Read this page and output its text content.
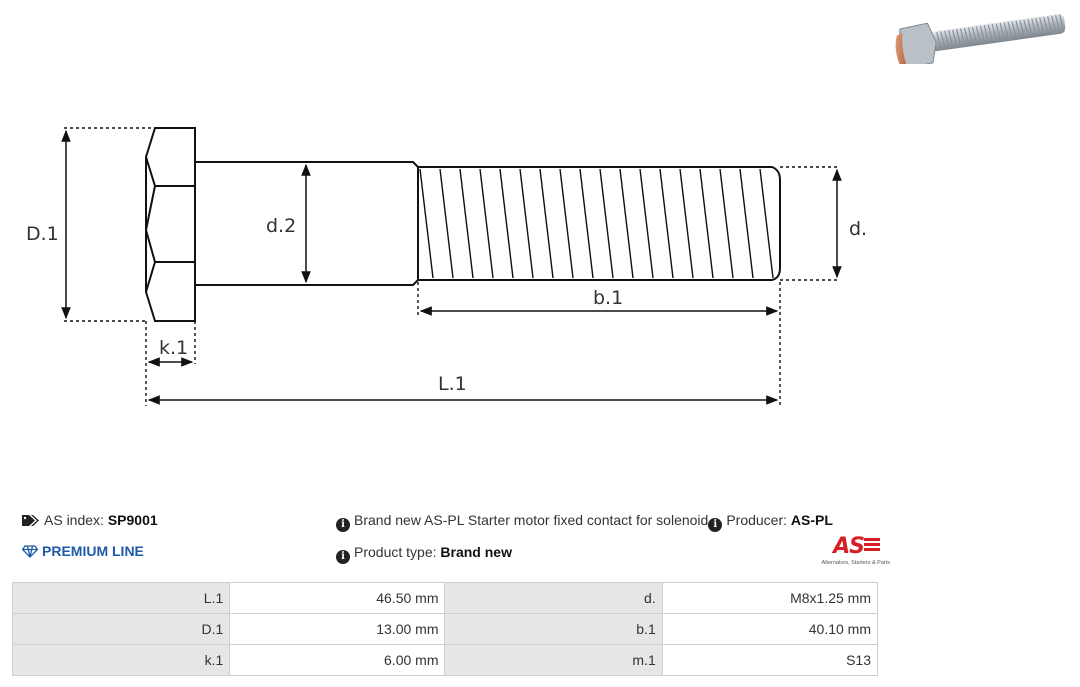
D.1	d.2	d.
b.1
k.1
L.1
AS index: SP9001
PREMIUM LINE
i Brand new AS-PL Starter motor fixed contact for solenoid i Producer: AS-PL
i Product type: Brand new	AS
Alternators, Starters & Parts
L.1	46.50 mm	d.	M8x1.25 mm
D.1	13.00 mm	b.1	40.10 mm
k.1	6.00 mm	m.1	S13
